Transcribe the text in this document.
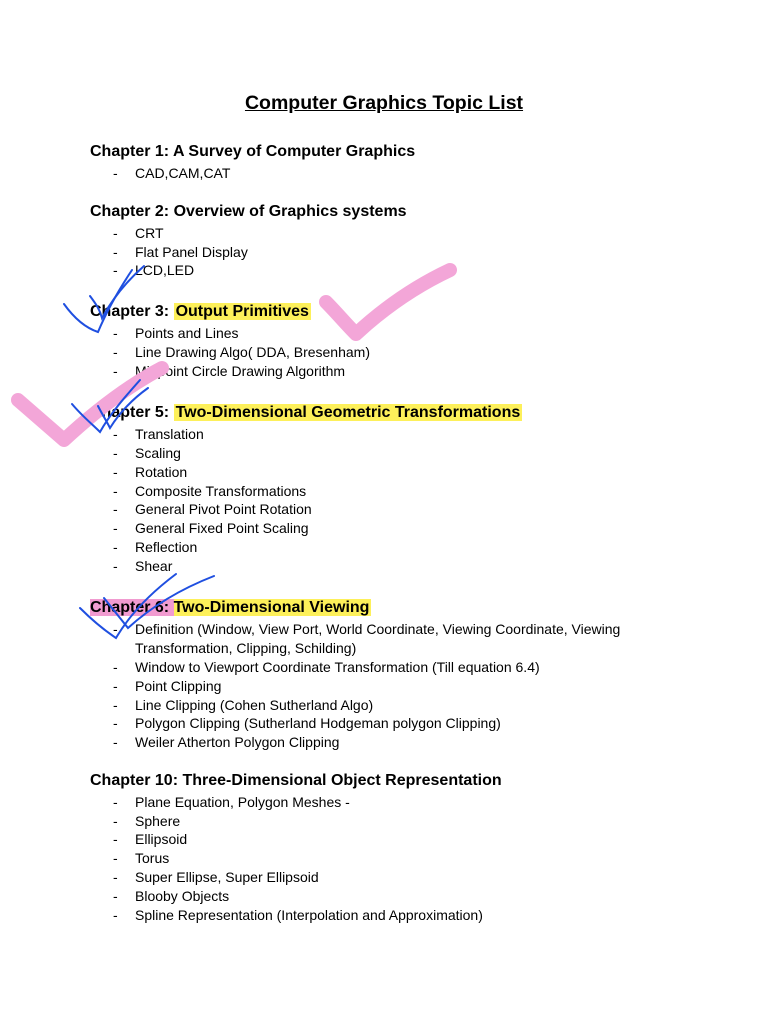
Computer Graphics Topic List
Chapter 1: A Survey of Computer Graphics
- CAD,CAM,CAT
Chapter 2: Overview of Graphics systems
- CRT
- Flat Panel Display
- LCD,LED
Chapter 3: Output Primitives
- Points and Lines
- Line Drawing Algo( DDA, Bresenham)
- Midpoint Circle Drawing Algorithm
Chapter 5: Two-Dimensional Geometric Transformations
- Translation
- Scaling
- Rotation
- Composite Transformations
- General Pivot Point Rotation
- General Fixed Point Scaling
- Reflection
- Shear
Chapter 6: Two-Dimensional Viewing
- Definition (Window, View Port, World Coordinate, Viewing Coordinate, Viewing Transformation, Clipping, Schilding)
- Window to Viewport Coordinate Transformation (Till equation 6.4)
- Point Clipping
- Line Clipping (Cohen Sutherland Algo)
- Polygon Clipping (Sutherland Hodgeman polygon Clipping)
- Weiler Atherton Polygon Clipping
Chapter 10: Three-Dimensional Object Representation
- Plane Equation, Polygon Meshes -
- Sphere
- Ellipsoid
- Torus
- Super Ellipse, Super Ellipsoid
- Blooby Objects
- Spline Representation (Interpolation and Approximation)
